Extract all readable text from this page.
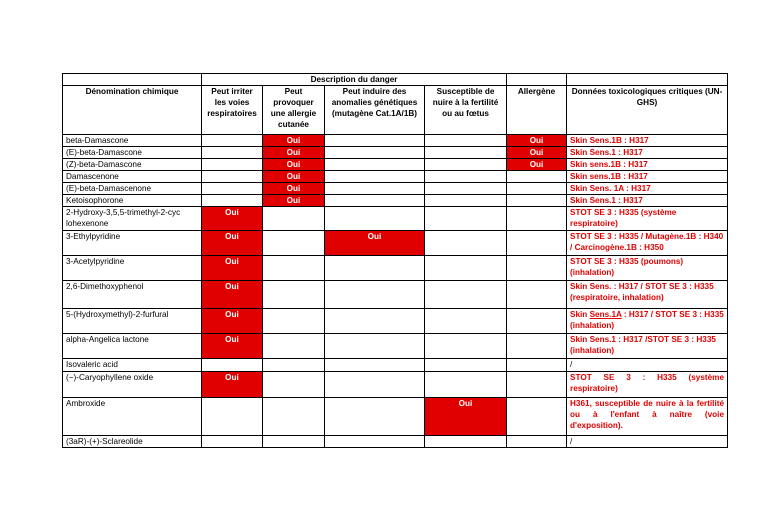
	Description du danger					
Dénomination chimique	Peut irriter les voies respiratoires	Peut provoquer une allergie cutanée	Peut induire des anomalies génétiques (mutagène Cat.1A/1B)	Susceptible de nuire à la fertilité ou au fœtus	Allergène	Données toxicologiques critiques (UN-GHS)
beta-Damascone		Oui			Oui	Skin Sens.1B : H317
(E)-beta-Damascone		Oui			Oui	Skin Sens.1 : H317
(Z)-beta-Damascone		Oui			Oui	Skin sens.1B : H317
Damascenone		Oui				Skin sens.1B : H317
(E)-beta-Damascenone		Oui				Skin Sens. 1A : H317
Ketoisophorone		Oui				Skin Sens.1 : H317
2-Hydroxy-3,5,5-trimethyl-2-cyc lohexenone	Oui					STOT SE 3 : H335 (système respiratoire)
3-Ethylpyridine	Oui		Oui			STOT SE 3 : H335 / Mutagène.1B : H340 / Carcinogène.1B : H350
3-Acetylpyridine	Oui					STOT SE 3 : H335 (poumons) (inhalation)
2,6-Dimethoxyphenol	Oui					Skin Sens. : H317 / STOT SE 3 : H335 (respiratoire, inhalation)
5-(Hydroxymethyl)-2-furfural	Oui					Skin Sens.1A : H317 / STOT SE 3 : H335 (inhalation)
alpha-Angelica lactone	Oui					Skin Sens.1 : H317 /STOT SE 3 : H335 (inhalation)
Isovaleric acid						/
(−)-Caryophyllene oxide	Oui					STOT SE 3 : H335 (système respiratoire)
Ambroxide				Oui		H361, susceptible de nuire à la fertilité ou à l'enfant à naître (voie d'exposition).
(3aR)-(+)-Sclareolide						/
